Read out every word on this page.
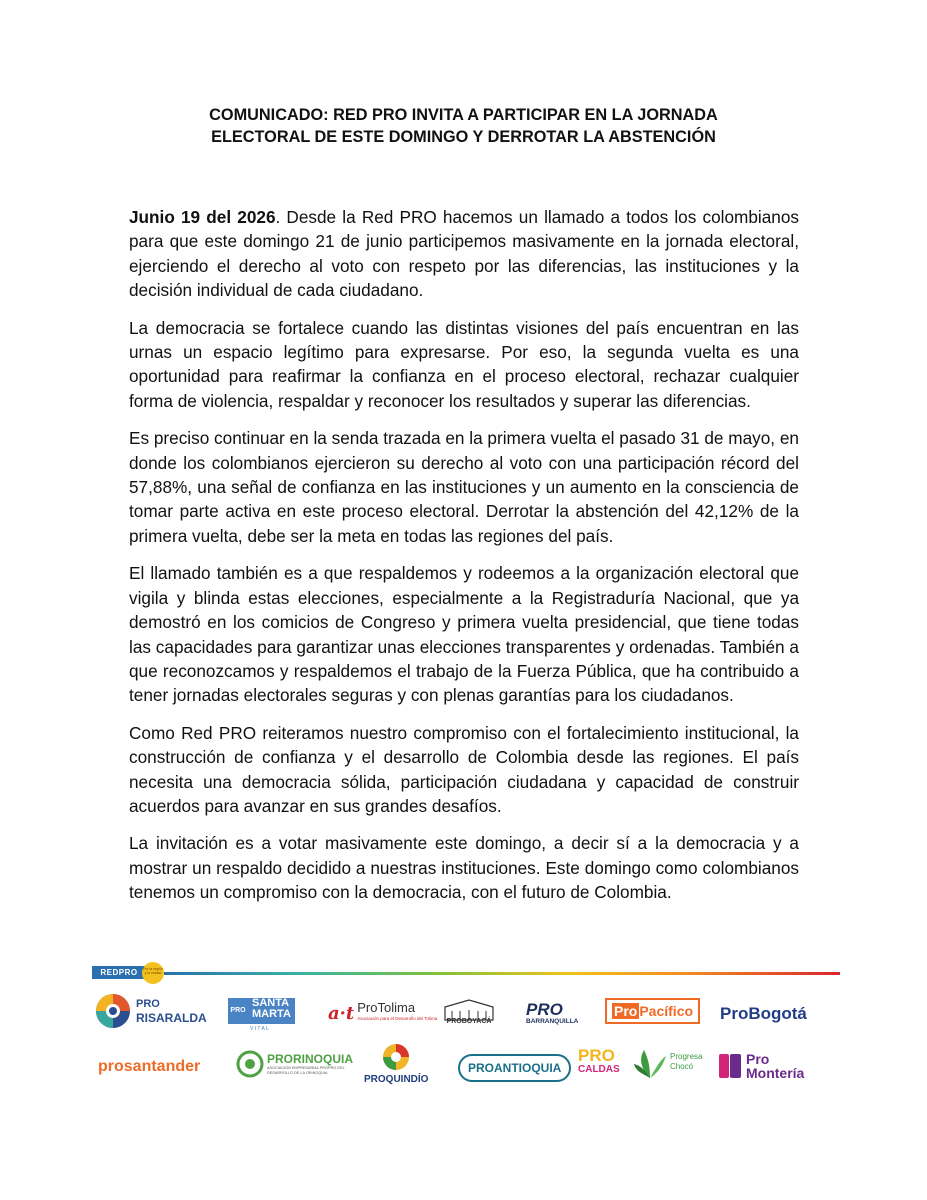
COMUNICADO: RED PRO INVITA A PARTICIPAR EN LA JORNADA
ELECTORAL DE ESTE DOMINGO Y DERROTAR LA ABSTENCIÓN

Junio 19 del 2026. Desde la Red PRO hacemos un llamado a todos los colombianos para que este domingo 21 de junio participemos masivamente en la jornada electoral, ejerciendo el derecho al voto con respeto por las diferencias, las instituciones y la decisión individual de cada ciudadano.

La democracia se fortalece cuando las distintas visiones del país encuentran en las urnas un espacio legítimo para expresarse. Por eso, la segunda vuelta es una oportunidad para reafirmar la confianza en el proceso electoral, rechazar cualquier forma de violencia, respaldar y reconocer los resultados y superar las diferencias.

Es preciso continuar en la senda trazada en la primera vuelta el pasado 31 de mayo, en donde los colombianos ejercieron su derecho al voto con una participación récord del 57,88%, una señal de confianza en las instituciones y un aumento en la consciencia de tomar parte activa en este proceso electoral. Derrotar la abstención del 42,12% de la primera vuelta, debe ser la meta en todas las regiones del país.

El llamado también es a que respaldemos y rodeemos a la organización electoral que vigila y blinda estas elecciones, especialmente a la Registraduría Nacional, que ya demostró en los comicios de Congreso y primera vuelta presidencial, que tiene todas las capacidades para garantizar unas elecciones transparentes y ordenadas. También a que reconozcamos y respaldemos el trabajo de la Fuerza Pública, que ha contribuido a tener jornadas electorales seguras y con plenas garantías para los ciudadanos.

Como Red PRO reiteramos nuestro compromiso con el fortalecimiento institucional, la construcción de confianza y el desarrollo de Colombia desde las regiones. El país necesita una democracia sólida, participación ciudadana y capacidad de construir acuerdos para avanzar en sus grandes desafíos.

La invitación es a votar masivamente este domingo, a decir sí a la democracia y a mostrar un respaldo decidido a nuestras instituciones. Este domingo como colombianos tenemos un compromiso con la democracia, con el futuro de Colombia.

REDPRO	Por la región y la ciudad
PRO
RISARALDA
PRO
SANTA
MARTA
V I T A L
a·t ProTolima
Asociación para el Desarrollo del Tolima PROBOYACÁ
PRO
BARRANQUILLA
Pro Pacífico ProBogotá
prosantander	PRORINOQUIA
ASOCIACIÓN EMPRESARIAL PROPRO DEL DESARROLLO DE LA ORINOQUIA
PROQUINDÍO
PROANTIOQUIA
PRO
CALDAS
Progresa
Chocó	Pro
Montería
